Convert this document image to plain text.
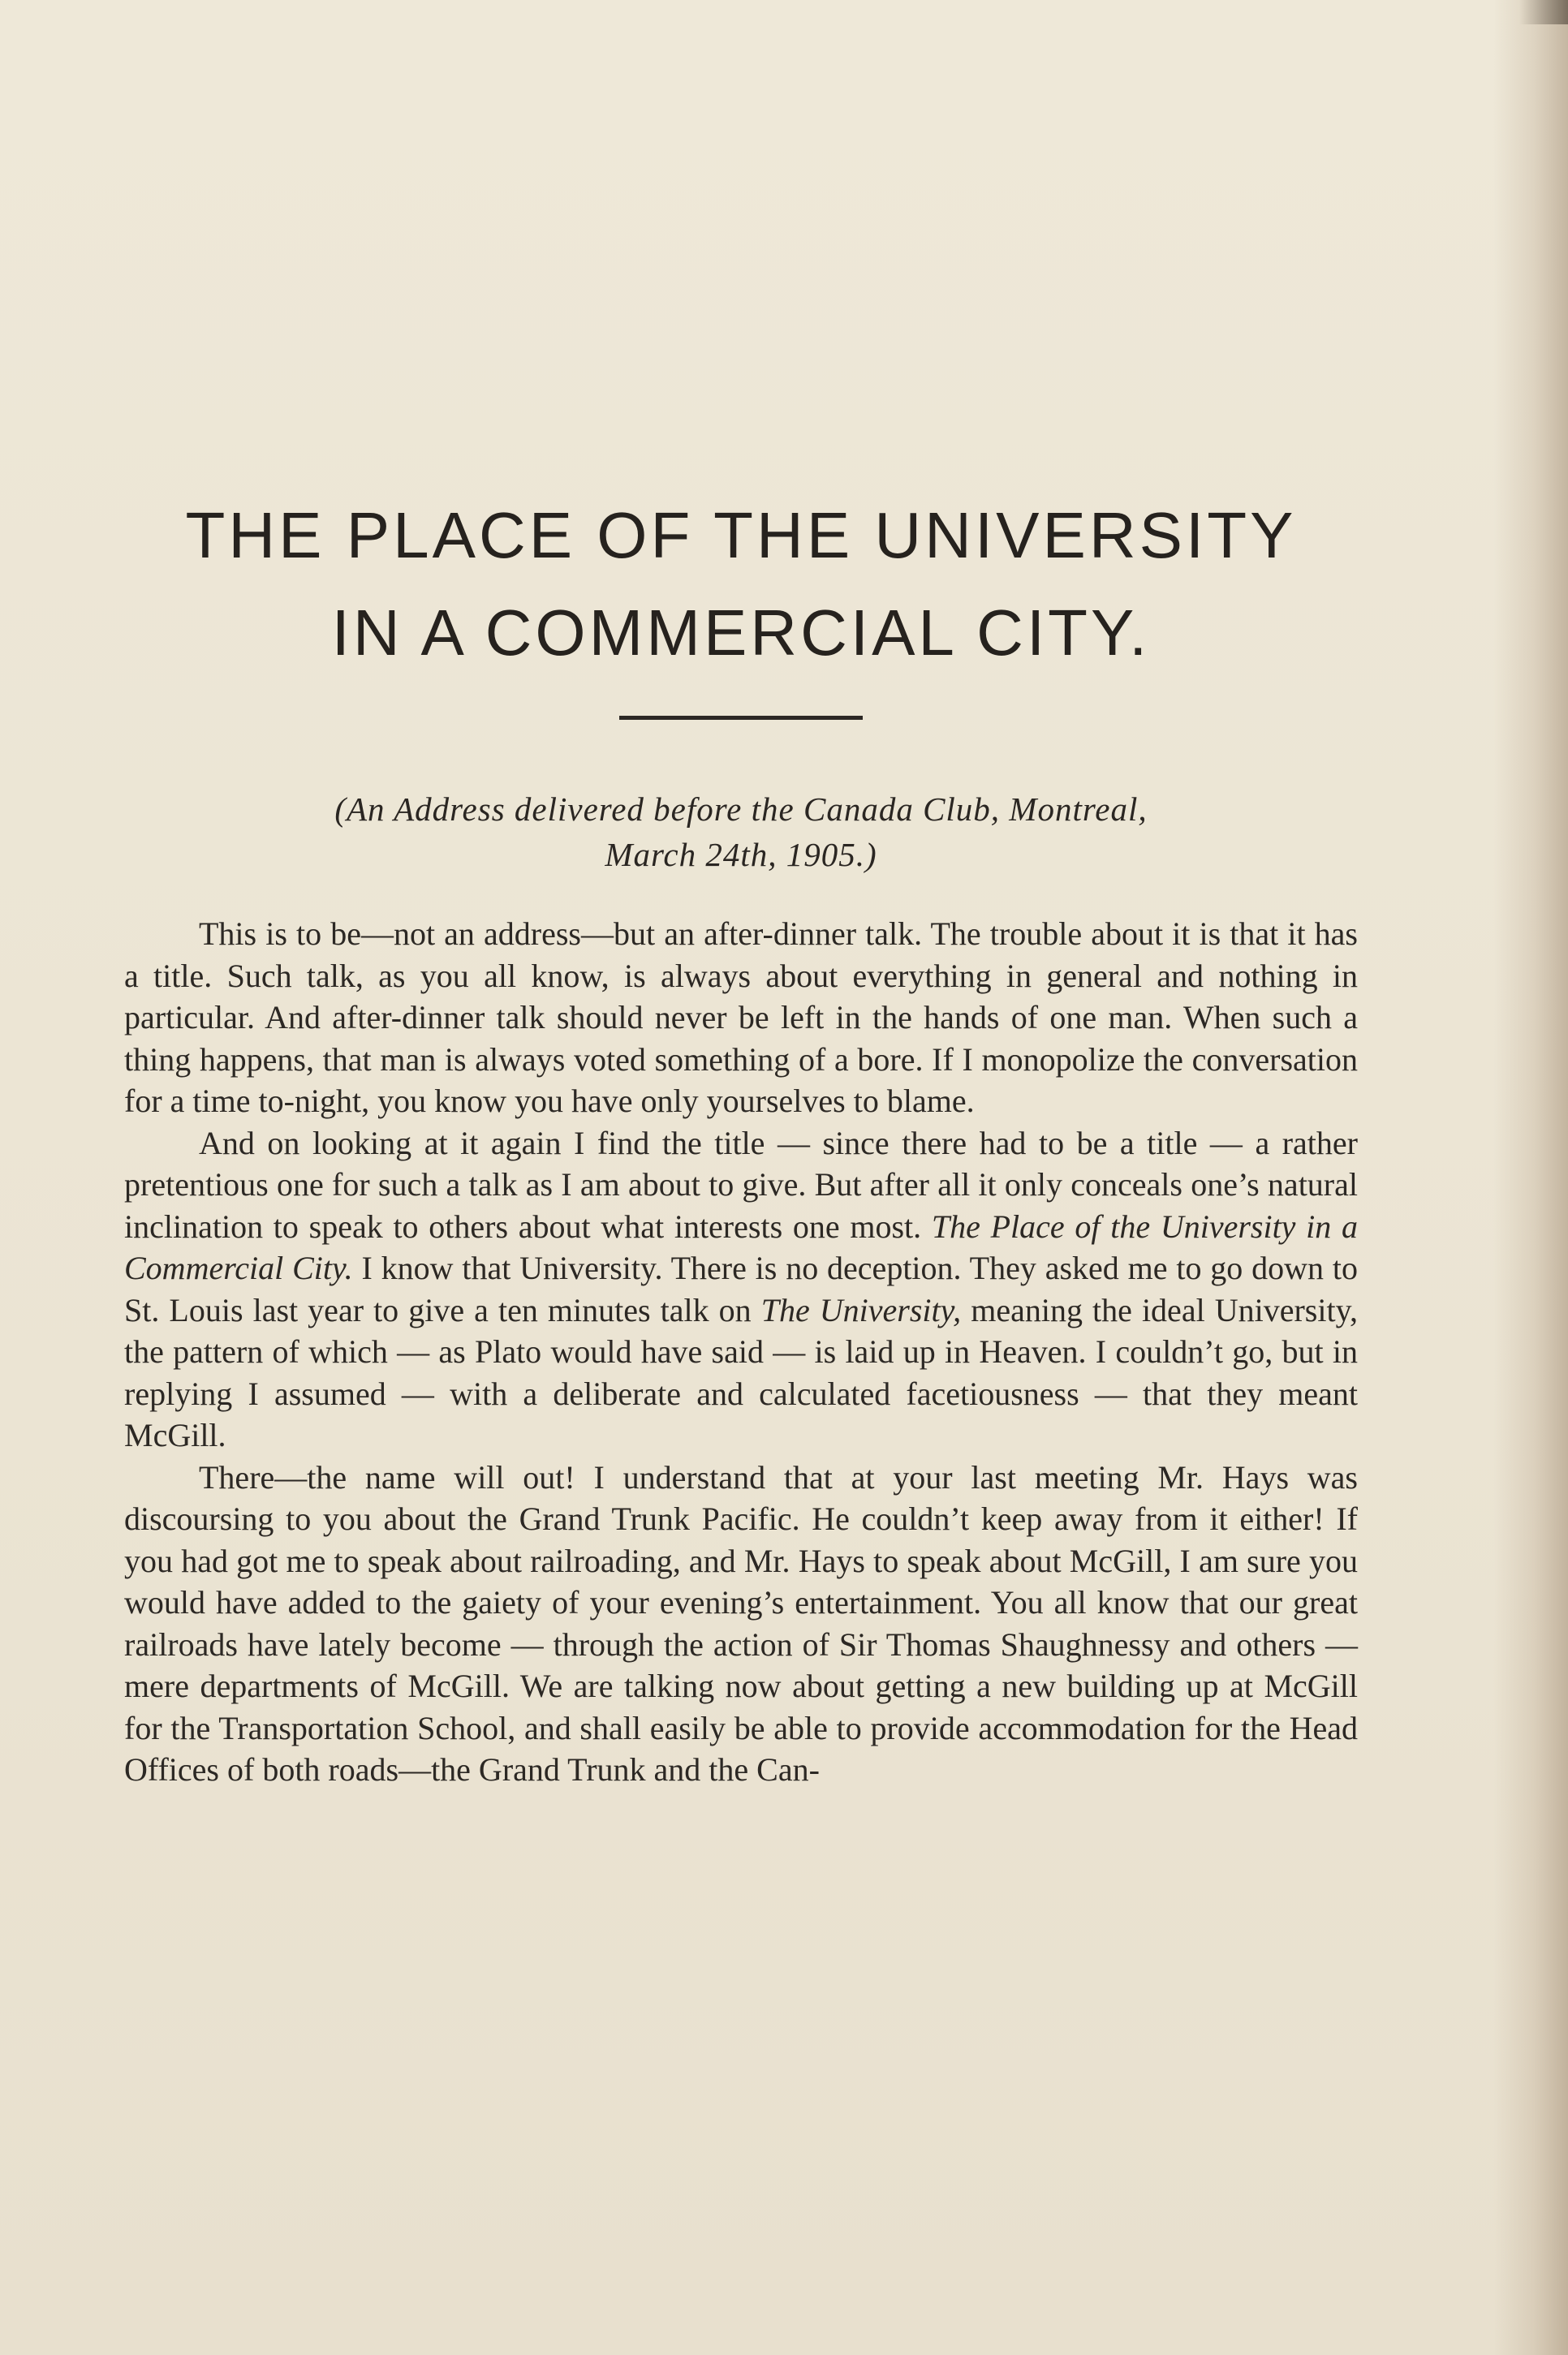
THE PLACE OF THE UNIVERSITY
IN A COMMERCIAL CITY.
(An Address delivered before the Canada Club, Montreal,
March 24th, 1905.)

This is to be—not an address—but an after-dinner talk. The trouble about it is that it has a title. Such talk, as you all know, is always about everything in general and nothing in particular. And after-dinner talk should never be left in the hands of one man. When such a thing happens, that man is always voted something of a bore. If I monopolize the conversation for a time to-night, you know you have only yourselves to blame.

And on looking at it again I find the title — since there had to be a title — a rather pretentious one for such a talk as I am about to give. But after all it only conceals one’s natural inclination to speak to others about what interests one most. The Place of the University in a Commercial City. I know that University. There is no deception. They asked me to go down to St. Louis last year to give a ten minutes talk on The University, meaning the ideal University, the pattern of which — as Plato would have said — is laid up in Heaven. I couldn’t go, but in replying I assumed — with a deliberate and calculated facetiousness — that they meant McGill.

There—the name will out! I understand that at your last meeting Mr. Hays was discoursing to you about the Grand Trunk Pacific. He couldn’t keep away from it either! If you had got me to speak about railroading, and Mr. Hays to speak about McGill, I am sure you would have added to the gaiety of your evening’s entertainment. You all know that our great railroads have lately become — through the action of Sir Thomas Shaughnessy and others — mere departments of McGill. We are talking now about getting a new building up at McGill for the Transportation School, and shall easily be able to provide accommodation for the Head Offices of both roads—the Grand Trunk and the Can-
